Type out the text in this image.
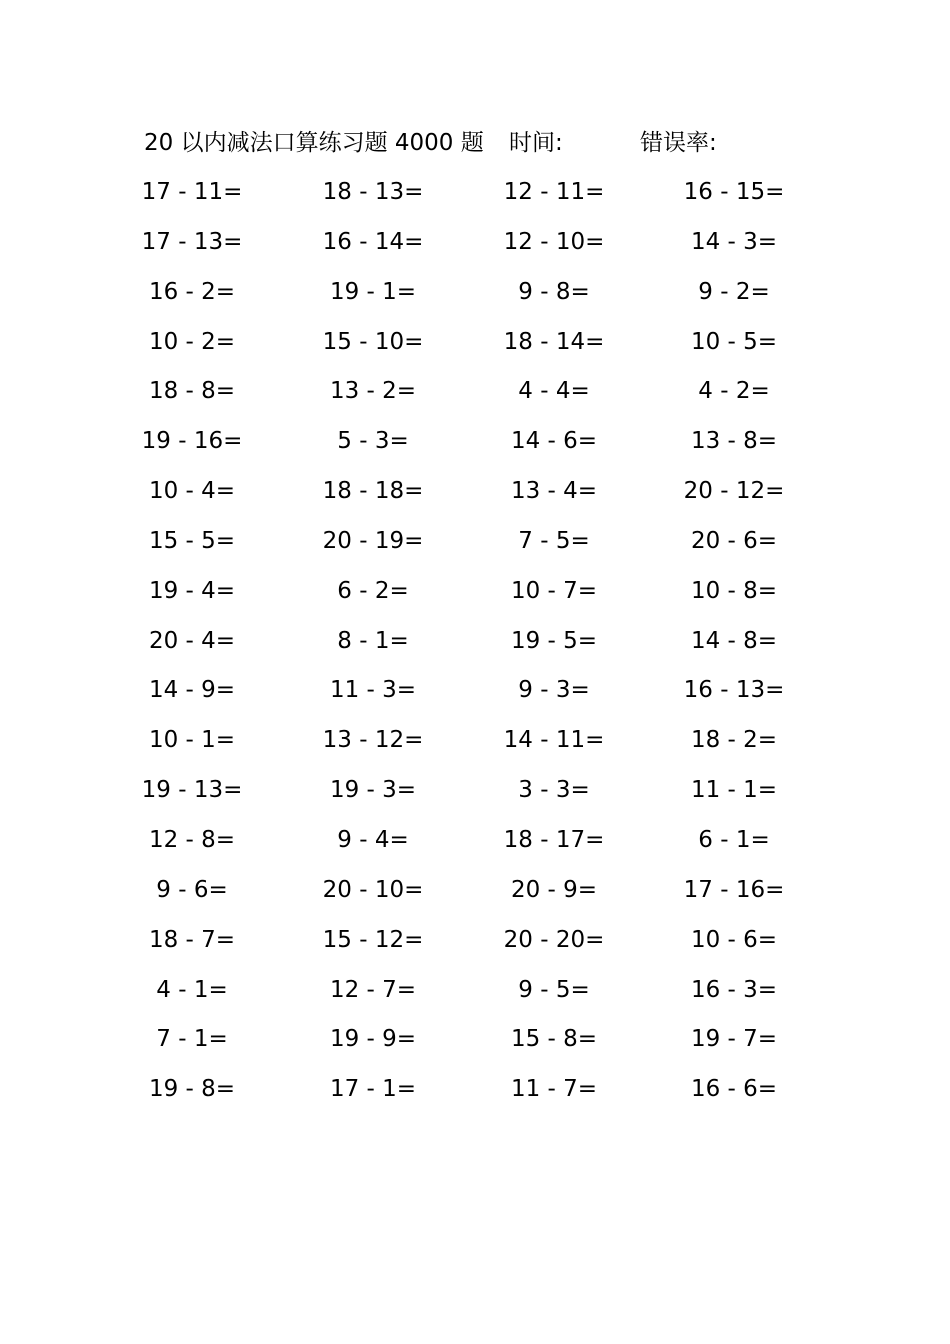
20 以内减法口算练习题 4000 题 时间:	错误率:
17 - 11=	18 - 13=	12 - 11=	16 - 15=
17 - 13=	16 - 14=	12 - 10=	14 - 3=
16 - 2=	19 - 1=	9 - 8=	9 - 2=
10 - 2=	15 - 10=	18 - 14=	10 - 5=
18 - 8=	13 - 2=	4 - 4=	4 - 2=
19 - 16=	5 - 3=	14 - 6=	13 - 8=
10 - 4=	18 - 18=	13 - 4=	20 - 12=
15 - 5=	20 - 19=	7 - 5=	20 - 6=
19 - 4=	6 - 2=	10 - 7=	10 - 8=
20 - 4=	8 - 1=	19 - 5=	14 - 8=
14 - 9=	11 - 3=	9 - 3=	16 - 13=
10 - 1=	13 - 12=	14 - 11=	18 - 2=
19 - 13=	19 - 3=	3 - 3=	11 - 1=
12 - 8=	9 - 4=	18 - 17=	6 - 1=
9 - 6=	20 - 10=	20 - 9=	17 - 16=
18 - 7=	15 - 12=	20 - 20=	10 - 6=
4 - 1=	12 - 7=	9 - 5=	16 - 3=
7 - 1=	19 - 9=	15 - 8=	19 - 7=
19 - 8=	17 - 1=	11 - 7=	16 - 6=
